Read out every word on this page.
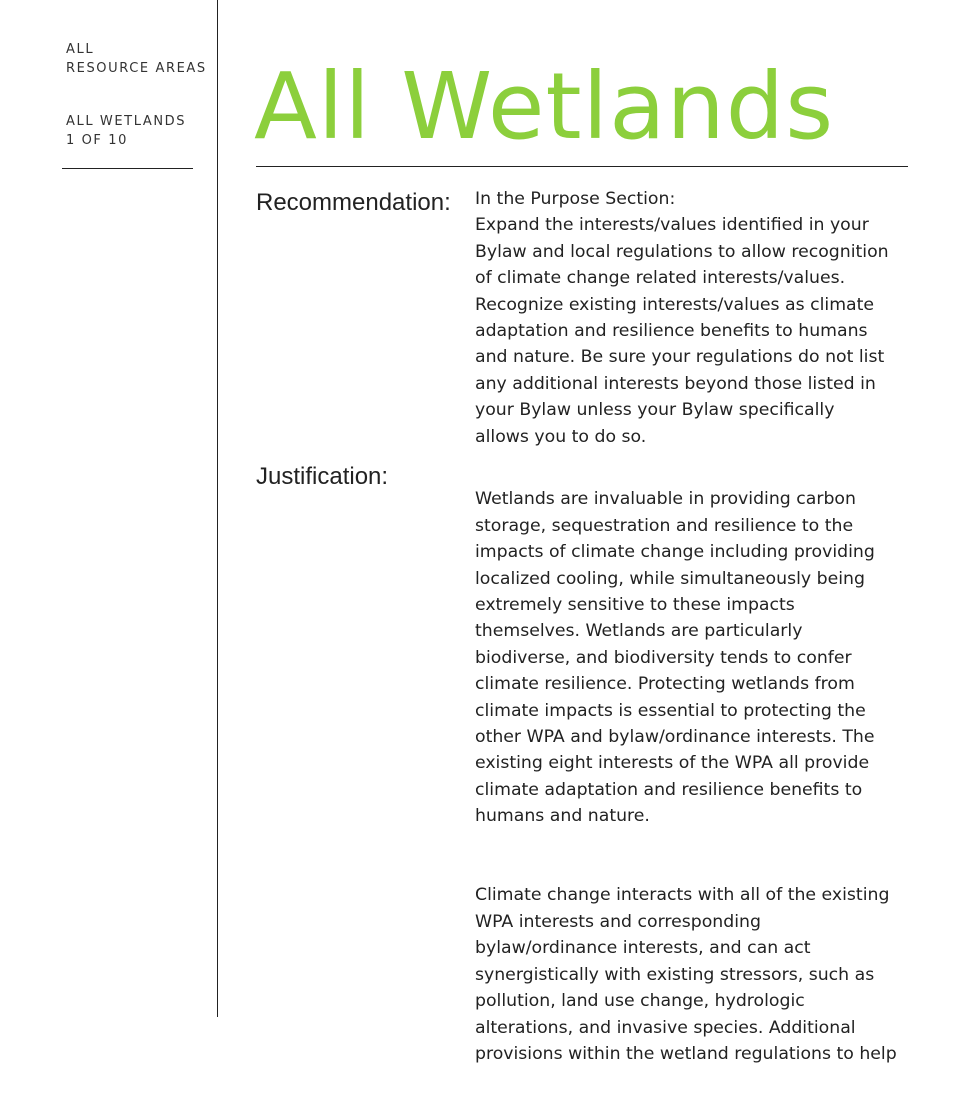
ALL
RESOURCE AREAS
ALL WETLANDS
1 OF 10	All Wetlands
Recommendation: In the Purpose Section:
Expand the interests/values identified in your
Bylaw and local regulations to allow recognition
of climate change related interests/values.
Recognize existing interests/values as climate
adaptation and resilience benefits to humans
and nature. Be sure your regulations do not list
any additional interests beyond those listed in
your Bylaw unless your Bylaw specifically
allows you to do so.
Justification:

Wetlands are invaluable in providing carbon
storage, sequestration and resilience to the
impacts of climate change including providing
localized cooling, while simultaneously being
extremely sensitive to these impacts
themselves. Wetlands are particularly
biodiverse, and biodiversity tends to confer
climate resilience. Protecting wetlands from
climate impacts is essential to protecting the
other WPA and bylaw/ordinance interests. The
existing eight interests of the WPA all provide
climate adaptation and resilience benefits to
humans and nature.

Climate change interacts with all of the existing
WPA interests and corresponding
bylaw/ordinance interests, and can act
synergistically with existing stressors, such as
pollution, land use change, hydrologic
alterations, and invasive species. Additional
provisions within the wetland regulations to help
